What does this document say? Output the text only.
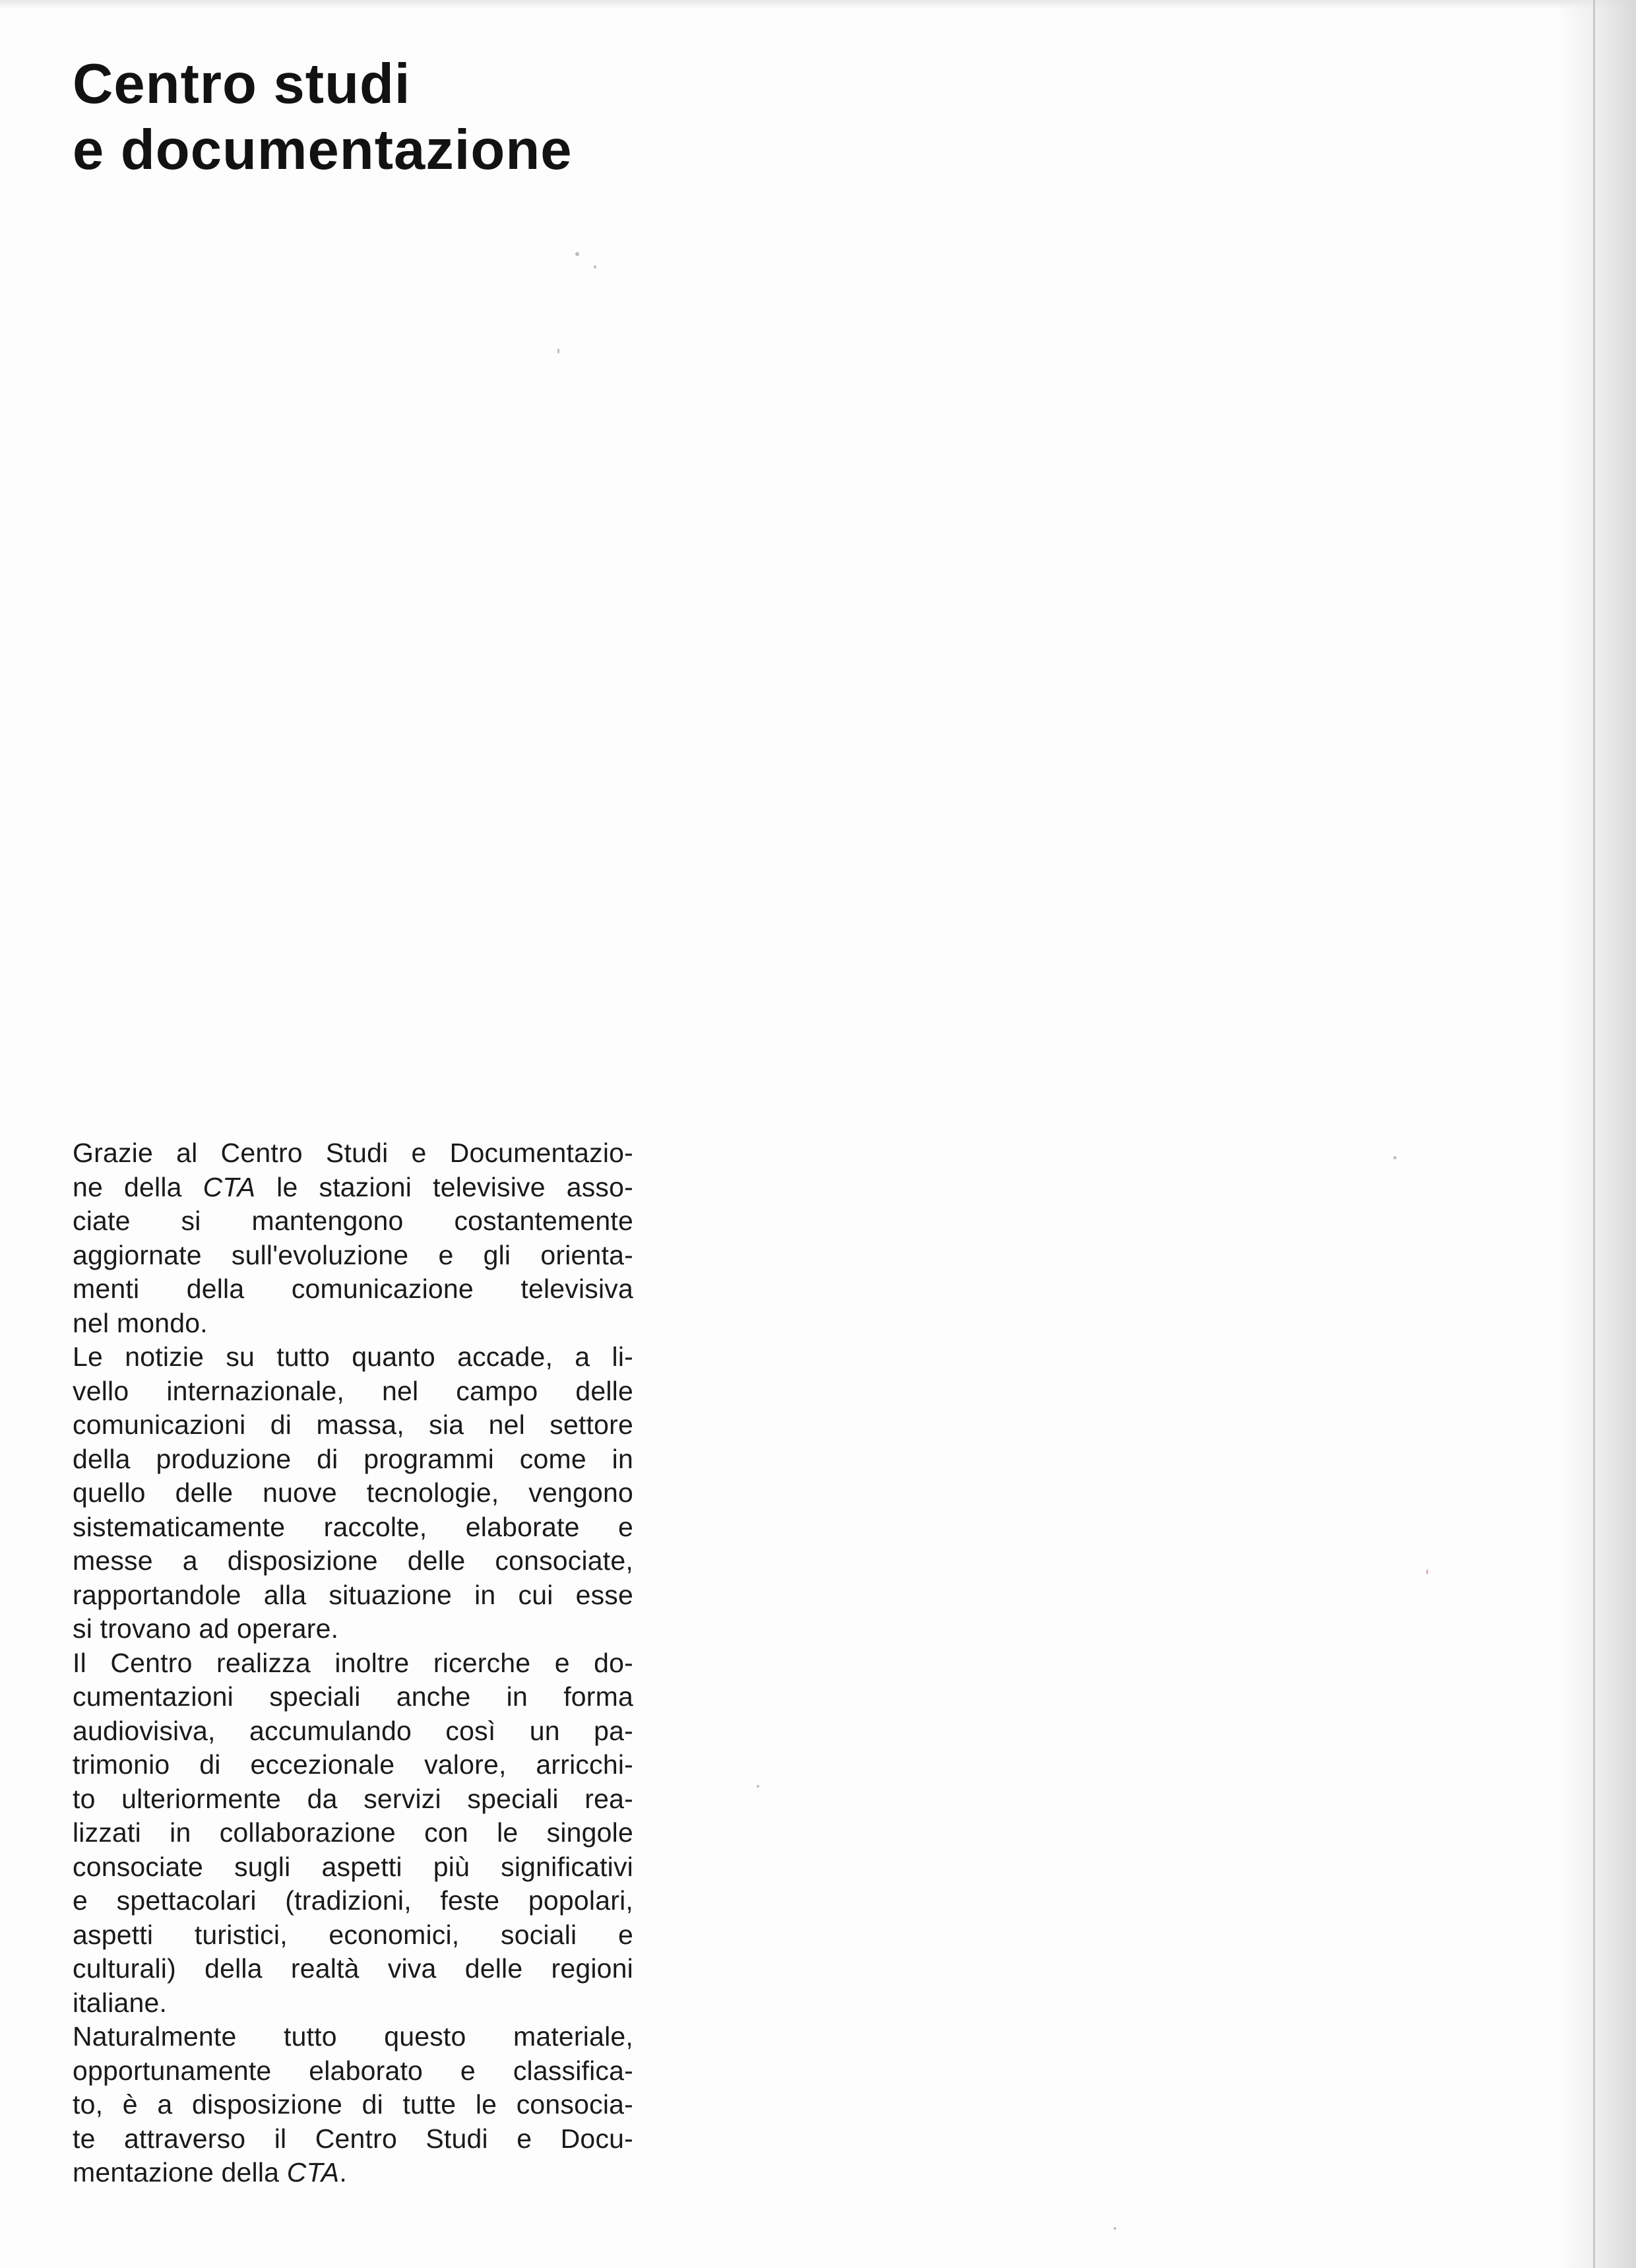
Centro studi
e documentazione

Grazie al Centro Studi e Documentazio-
ne della CTA le stazioni televisive asso-
ciate si mantengono costantemente
aggiornate sull'evoluzione e gli orienta-
menti della comunicazione televisiva
nel mondo.

Le notizie su tutto quanto accade, a li-
vello internazionale, nel campo delle
comunicazioni di massa, sia nel settore
della produzione di programmi come in
quello delle nuove tecnologie, vengono
sistematicamente raccolte, elaborate e
messe a disposizione delle consociate,
rapportandole alla situazione in cui esse
si trovano ad operare.

Il Centro realizza inoltre ricerche e do-
cumentazioni speciali anche in forma
audiovisiva, accumulando così un pa-
trimonio di eccezionale valore, arricchi-
to ulteriormente da servizi speciali rea-
lizzati in collaborazione con le singole
consociate sugli aspetti più significativi
e spettacolari (tradizioni, feste popolari,
aspetti turistici, economici, sociali e
culturali) della realtà viva delle regioni
italiane.

Naturalmente tutto questo materiale,
opportunamente elaborato e classifica-
to, è a disposizione di tutte le consocia-
te attraverso il Centro Studi e Docu-
mentazione della CTA.
